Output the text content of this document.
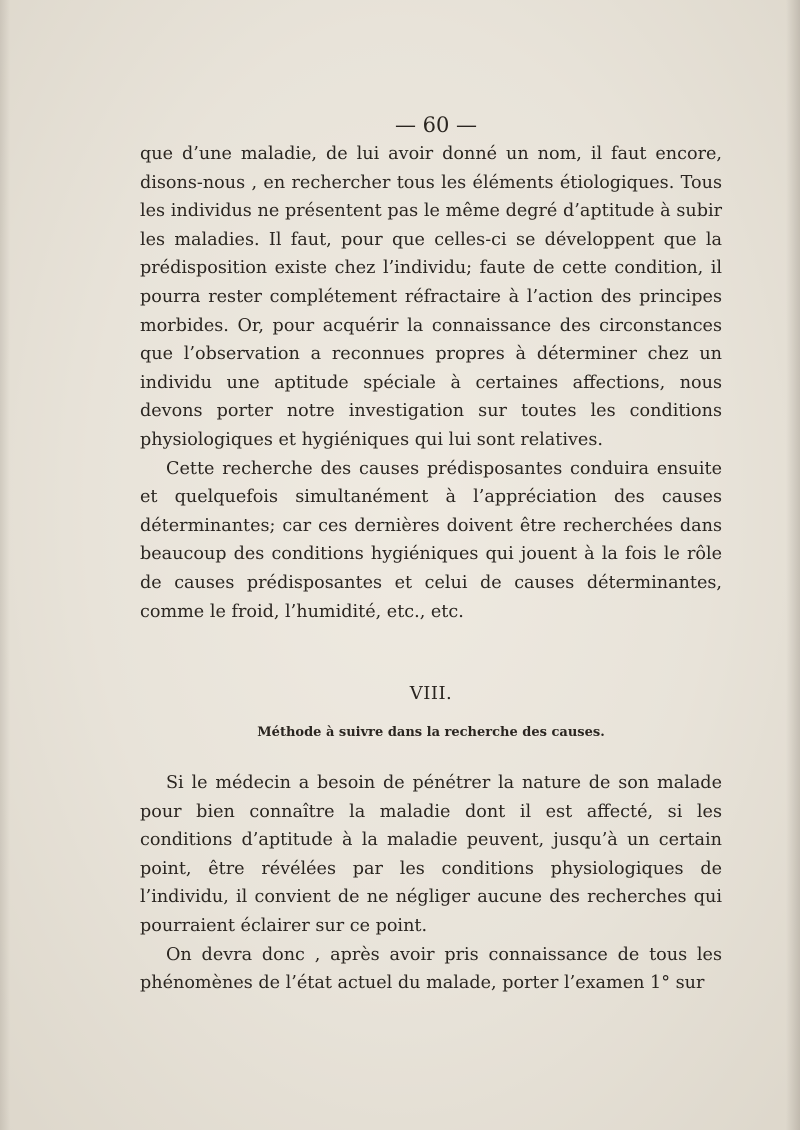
— 60 —

que d’une maladie, de lui avoir donné un nom, il faut encore, disons-nous , en rechercher tous les éléments étiologiques. Tous les individus ne présentent pas le même degré d’aptitude à subir les maladies. Il faut, pour que celles-ci se développent que la prédisposition existe chez l’individu; faute de cette condition, il pourra rester complétement réfractaire à l’action des principes morbides. Or, pour acquérir la connaissance des circonstances que l’observation a reconnues propres à déterminer chez un individu une aptitude spéciale à certaines affections, nous devons porter notre investigation sur toutes les conditions physiologiques et hygiéniques qui lui sont relatives.

Cette recherche des causes prédisposantes conduira ensuite et quelquefois simultanément à l’appréciation des causes déterminantes; car ces dernières doivent être recherchées dans beaucoup des conditions hygiéniques qui jouent à la fois le rôle de causes prédisposantes et celui de causes déterminantes, comme le froid, l’humidité, etc., etc.

VIII.
Méthode à suivre dans la recherche des causes.

Si le médecin a besoin de pénétrer la nature de son malade pour bien connaître la maladie dont il est affecté, si les conditions d’aptitude à la maladie peuvent, jusqu’à un certain point, être révélées par les conditions physiologiques de l’individu, il convient de ne négliger aucune des recherches qui pourraient éclairer sur ce point.

On devra donc , après avoir pris connaissance de tous les phénomènes de l’état actuel du malade, porter l’examen 1° sur
